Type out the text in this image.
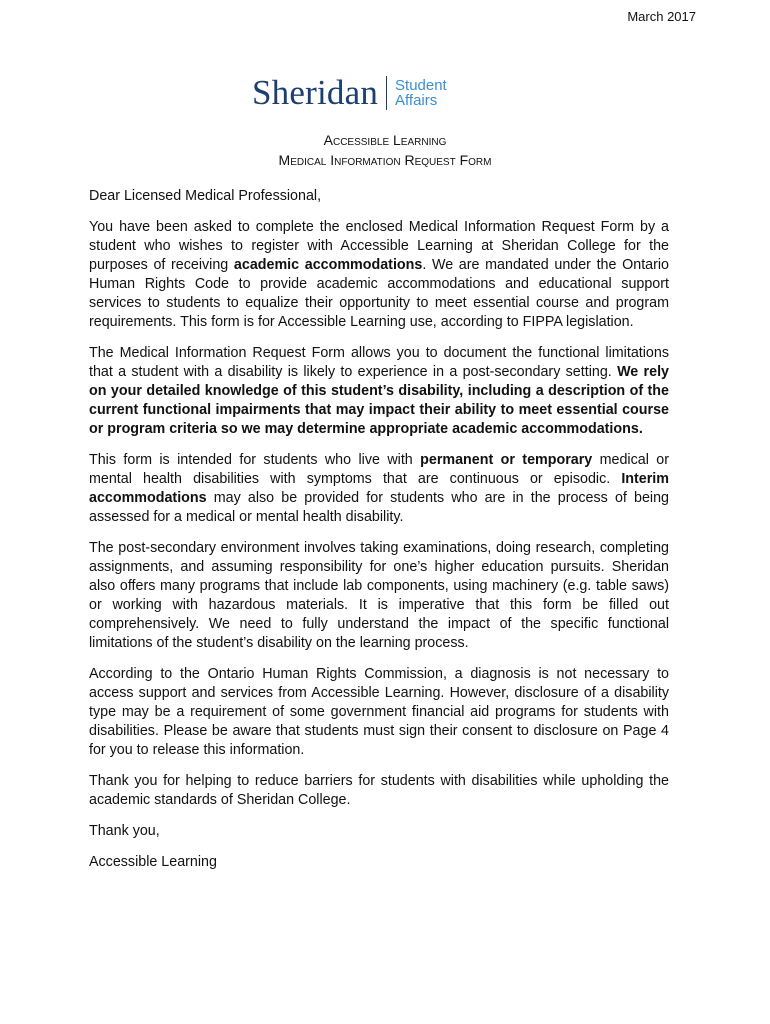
March 2017
Sheridan Student
Affairs
Accessible Learning
Medical Information Request Form

Dear Licensed Medical Professional,

You have been asked to complete the enclosed Medical Information Request Form by a student who wishes to register with Accessible Learning at Sheridan College for the purposes of receiving academic accommodations. We are mandated under the Ontario Human Rights Code to provide academic accommodations and educational support services to students to equalize their opportunity to meet essential course and program requirements. This form is for Accessible Learning use, according to FIPPA legislation.

The Medical Information Request Form allows you to document the functional limitations that a student with a disability is likely to experience in a post-secondary setting. We rely on your detailed knowledge of this student’s disability, including a description of the current functional impairments that may impact their ability to meet essential course or program criteria so we may determine appropriate academic accommodations.

This form is intended for students who live with permanent or temporary medical or mental health disabilities with symptoms that are continuous or episodic. Interim accommodations may also be provided for students who are in the process of being assessed for a medical or mental health disability.

The post-secondary environment involves taking examinations, doing research, completing assignments, and assuming responsibility for one’s higher education pursuits. Sheridan also offers many programs that include lab components, using machinery (e.g. table saws) or working with hazardous materials. It is imperative that this form be filled out comprehensively. We need to fully understand the impact of the specific functional limitations of the student’s disability on the learning process.

According to the Ontario Human Rights Commission, a diagnosis is not necessary to access support and services from Accessible Learning. However, disclosure of a disability type may be a requirement of some government financial aid programs for students with disabilities. Please be aware that students must sign their consent to disclosure on Page 4 for you to release this information.

Thank you for helping to reduce barriers for students with disabilities while upholding the academic standards of Sheridan College.

Thank you,

Accessible Learning
